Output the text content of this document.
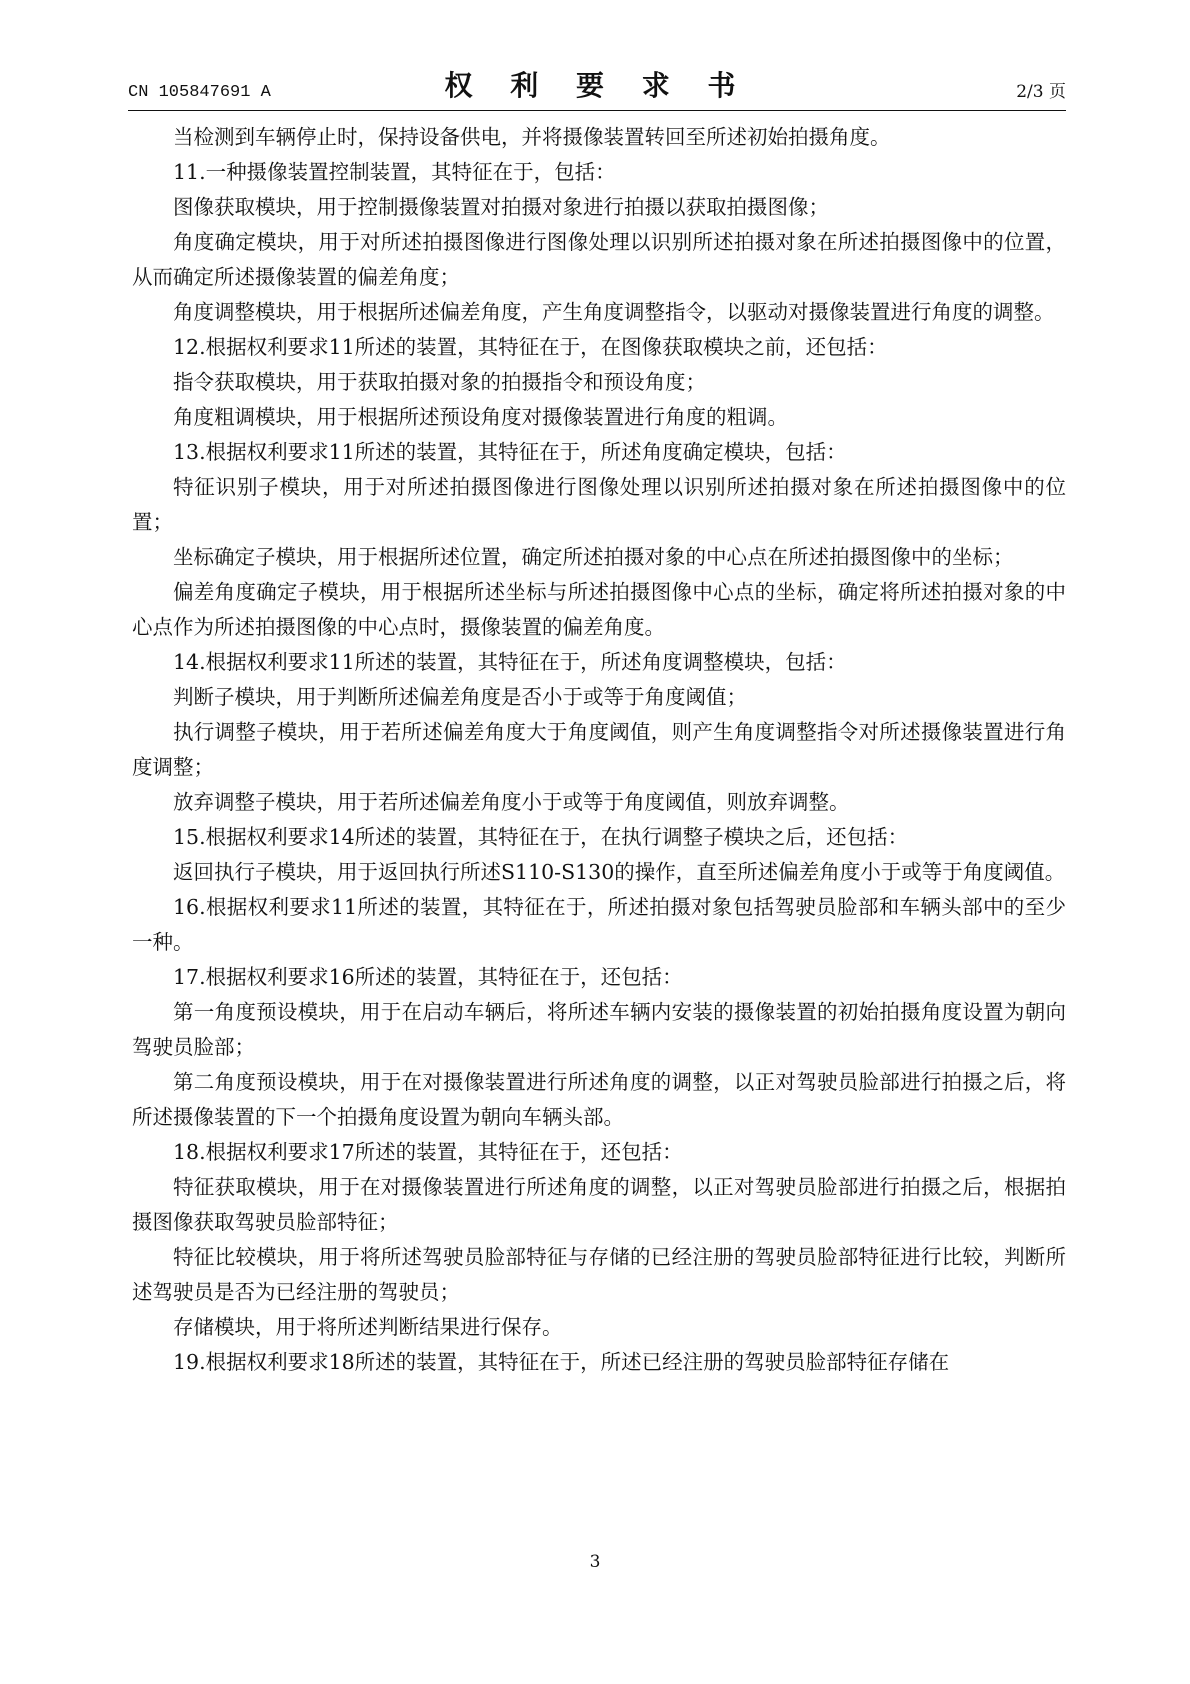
CN 105847691 A	权 利 要 求 书	2/3 页

当检测到车辆停止时，保持设备供电，并将摄像装置转回至所述初始拍摄角度。

11.一种摄像装置控制装置，其特征在于，包括：

图像获取模块，用于控制摄像装置对拍摄对象进行拍摄以获取拍摄图像；

角度确定模块，用于对所述拍摄图像进行图像处理以识别所述拍摄对象在所述拍摄图像中的位置，从而确定所述摄像装置的偏差角度；

角度调整模块，用于根据所述偏差角度，产生角度调整指令，以驱动对摄像装置进行角度的调整。

12.根据权利要求11所述的装置，其特征在于，在图像获取模块之前，还包括：

指令获取模块，用于获取拍摄对象的拍摄指令和预设角度；

角度粗调模块，用于根据所述预设角度对摄像装置进行角度的粗调。

13.根据权利要求11所述的装置，其特征在于，所述角度确定模块，包括：

特征识别子模块，用于对所述拍摄图像进行图像处理以识别所述拍摄对象在所述拍摄图像中的位置；

坐标确定子模块，用于根据所述位置，确定所述拍摄对象的中心点在所述拍摄图像中的坐标；

偏差角度确定子模块，用于根据所述坐标与所述拍摄图像中心点的坐标，确定将所述拍摄对象的中心点作为所述拍摄图像的中心点时，摄像装置的偏差角度。

14.根据权利要求11所述的装置，其特征在于，所述角度调整模块，包括：

判断子模块，用于判断所述偏差角度是否小于或等于角度阈值；

执行调整子模块，用于若所述偏差角度大于角度阈值，则产生角度调整指令对所述摄像装置进行角度调整；

放弃调整子模块，用于若所述偏差角度小于或等于角度阈值，则放弃调整。

15.根据权利要求14所述的装置，其特征在于，在执行调整子模块之后，还包括：

返回执行子模块，用于返回执行所述S110-S130的操作，直至所述偏差角度小于或等于角度阈值。

16.根据权利要求11所述的装置，其特征在于，所述拍摄对象包括驾驶员脸部和车辆头部中的至少一种。

17.根据权利要求16所述的装置，其特征在于，还包括：

第一角度预设模块，用于在启动车辆后，将所述车辆内安装的摄像装置的初始拍摄角度设置为朝向驾驶员脸部；

第二角度预设模块，用于在对摄像装置进行所述角度的调整，以正对驾驶员脸部进行拍摄之后，将所述摄像装置的下一个拍摄角度设置为朝向车辆头部。

18.根据权利要求17所述的装置，其特征在于，还包括：

特征获取模块，用于在对摄像装置进行所述角度的调整，以正对驾驶员脸部进行拍摄之后，根据拍摄图像获取驾驶员脸部特征；

特征比较模块，用于将所述驾驶员脸部特征与存储的已经注册的驾驶员脸部特征进行比较，判断所述驾驶员是否为已经注册的驾驶员；

存储模块，用于将所述判断结果进行保存。

19.根据权利要求18所述的装置，其特征在于，所述已经注册的驾驶员脸部特征存储在

3
